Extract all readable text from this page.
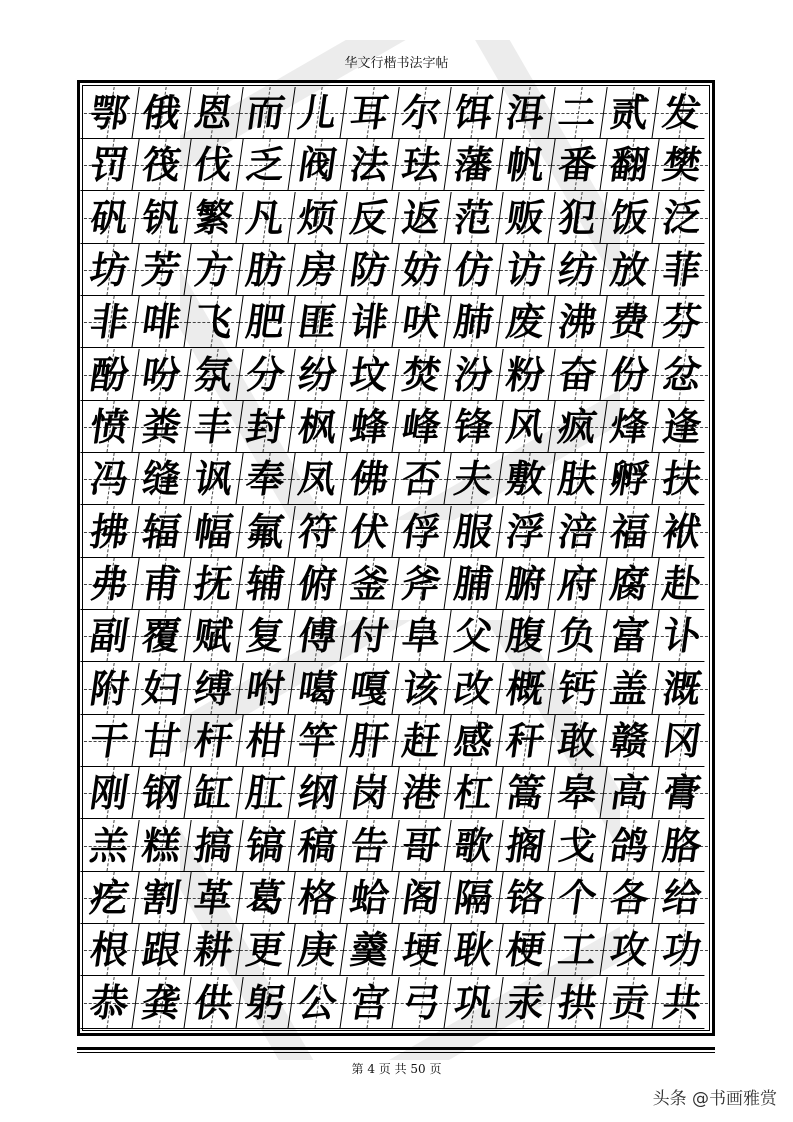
华文行楷书法字帖
鄂 俄 恩 而 儿 耳 尔 饵 洱 二 贰 发
罚 筏 伐 乏 阀 法 珐 藩 帆 番 翻 樊
矾 钒 繁 凡 烦 反 返 范 贩 犯 饭 泛
坊 芳 方 肪 房 防 妨 仿 访 纺 放 菲
非 啡 飞 肥 匪 诽 吠 肺 废 沸 费 芬
酚 吩 氛 分 纷 坟 焚 汾 粉 奋 份 忿
愤 粪 丰 封 枫 蜂 峰 锋 风 疯 烽 逢
冯 缝 讽 奉 凤 佛 否 夫 敷 肤 孵 扶
拂 辐 幅 氟 符 伏 俘 服 浮 涪 福 袱
弗 甫 抚 辅 俯 釜 斧 脯 腑 府 腐 赴
副 覆 赋 复 傅 付 阜 父 腹 负 富 讣
附 妇 缚 咐 噶 嘎 该 改 概 钙 盖 溉
干 甘 杆 柑 竿 肝 赶 感 秆 敢 赣 冈
刚 钢 缸 肛 纲 岗 港 杠 篙 皋 高 膏
羔 糕 搞 镐 稿 告 哥 歌 搁 戈 鸽 胳
疙 割 革 葛 格 蛤 阁 隔 铬 个 各 给
根 跟 耕 更 庚 羹 埂 耿 梗 工 攻 功
恭 龚 供 躬 公 宫 弓 巩 汞 拱 贡 共
第 4 页 共 50 页
头条 @书画雅赏
